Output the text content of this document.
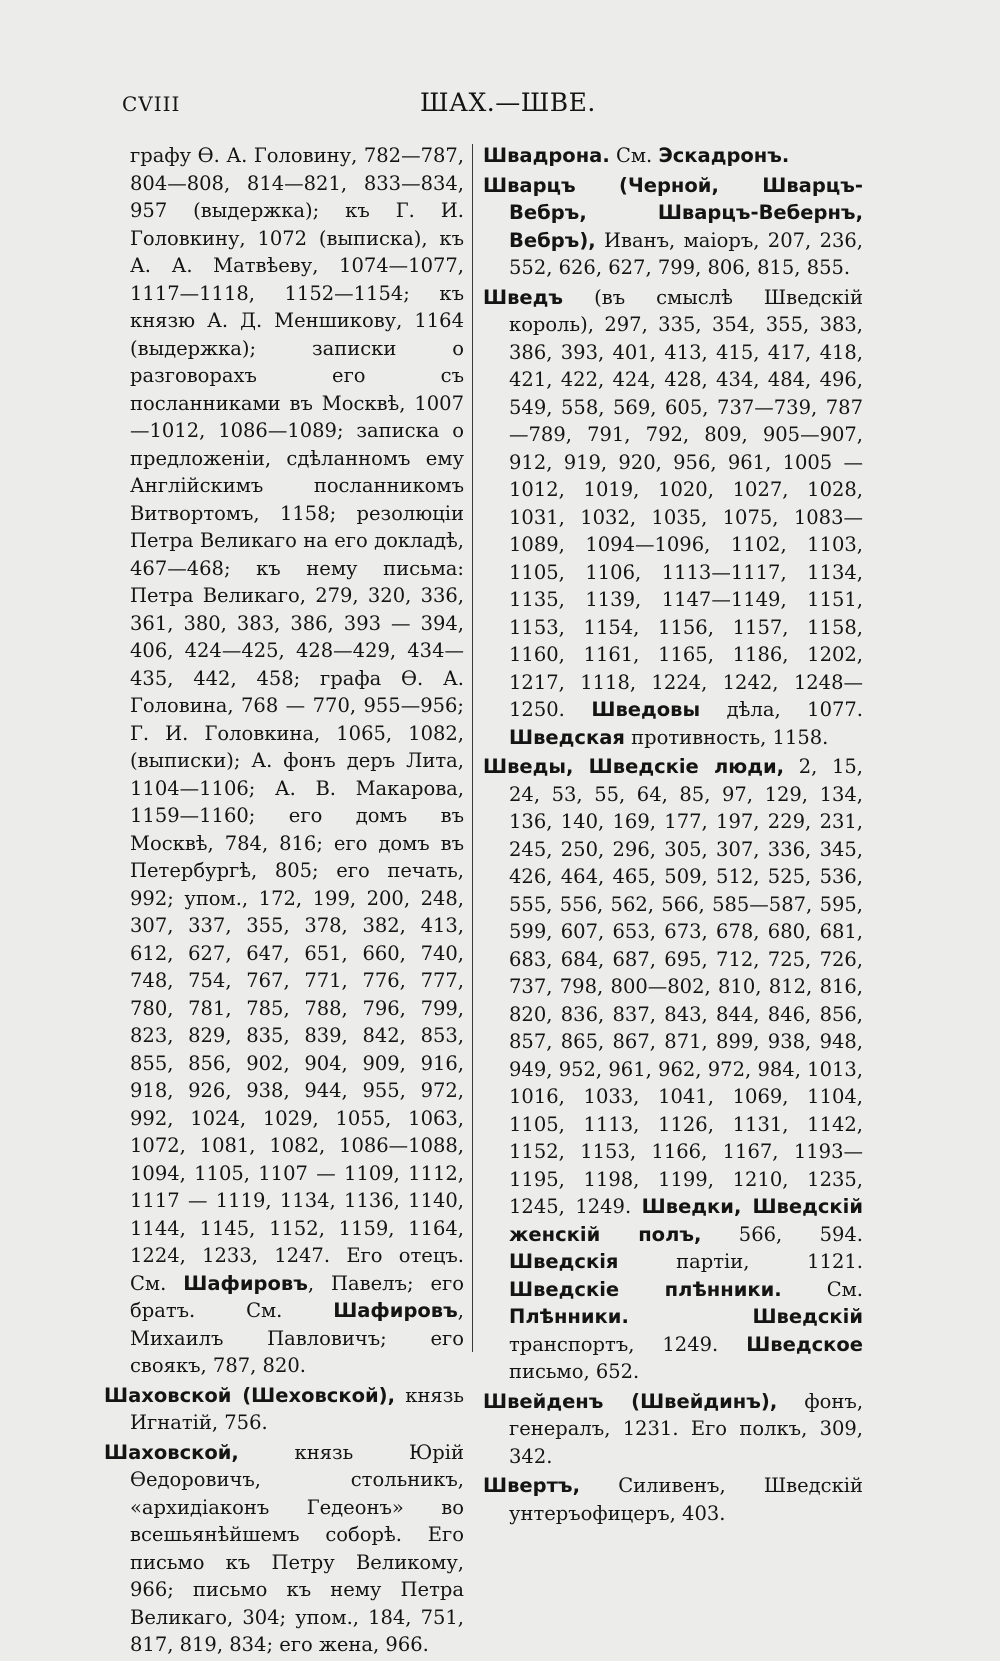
CVIII	ШАХ.—ШВЕ.

графу Ѳ. А. Головину, 782—787, 804—808, 814—821, 833—834, 957 (выдержка); къ Г. И. Головкину, 1072 (выписка), къ А. А. Матвѣеву, 1074—1077, 1117—1118, 1152—1154; къ князю А. Д. Меншикову, 1164 (выдержка); записки о разговорахъ его съ посланниками въ Москвѣ, 1007—1012, 1086—1089; записка о предложеніи, сдѣланномъ ему Англійскимъ посланникомъ Витвортомъ, 1158; резолюціи Петра Великаго на его докладѣ, 467—468; къ нему письма: Петра Великаго, 279, 320, 336, 361, 380, 383, 386, 393 — 394, 406, 424—425, 428—429, 434—435, 442, 458; графа Ѳ. А. Головина, 768 — 770, 955—956; Г. И. Головкина, 1065, 1082, (выписки); А. фонъ деръ Лита, 1104—1106; А. В. Макарова, 1159—1160; его домъ въ Москвѣ, 784, 816; его домъ въ Петербургѣ, 805; его печать, 992; упом., 172, 199, 200, 248, 307, 337, 355, 378, 382, 413, 612, 627, 647, 651, 660, 740, 748, 754, 767, 771, 776, 777, 780, 781, 785, 788, 796, 799, 823, 829, 835, 839, 842, 853, 855, 856, 902, 904, 909, 916, 918, 926, 938, 944, 955, 972, 992, 1024, 1029, 1055, 1063, 1072, 1081, 1082, 1086—1088, 1094, 1105, 1107 — 1109, 1112, 1117 — 1119, 1134, 1136, 1140, 1144, 1145, 1152, 1159, 1164, 1224, 1233, 1247. Его отецъ. См. Шафировъ, Павелъ; его братъ. См.	Шафировъ, Михаилъ Павловичъ; его своякъ, 787, 820.

Шаховской (Шеховской), князь Игнатій, 756.

Шаховской,	князь Юрій Ѳедоровичъ, стольникъ, «архидіаконъ Гедеонъ» во всешьянѣйшемъ соборѣ. Его письмо къ Петру Великому, 966; письмо къ нему Петра Великаго, 304; упом., 184, 751, 817, 819, 834; его жена, 966.

Швадрона. См. Эскадронъ.

Шварцъ (Черной, Шварцъ-Вебръ, Шварцъ-Вебернъ, Вебръ), Иванъ, маіоръ, 207, 236, 552, 626, 627, 799, 806, 815, 855.

Шведъ (въ смыслѣ Шведскій король), 297, 335, 354, 355, 383, 386, 393, 401, 413, 415, 417, 418, 421, 422, 424, 428, 434, 484, 496, 549, 558, 569, 605, 737—739, 787—789, 791, 792, 809, 905—907, 912, 919, 920, 956, 961, 1005 — 1012, 1019, 1020, 1027, 1028, 1031, 1032, 1035, 1075, 1083—1089, 1094—1096, 1102, 1103, 1105, 1106, 1113—1117, 1134, 1135, 1139, 1147—1149, 1151, 1153, 1154, 1156, 1157, 1158, 1160, 1161, 1165, 1186, 1202, 1217, 1118, 1224, 1242, 1248—1250. Шведовы дѣла, 1077. Шведская противность, 1158.

Шведы, Шведскіе люди, 2, 15, 24, 53, 55, 64, 85, 97, 129, 134, 136, 140, 169, 177, 197, 229, 231, 245, 250, 296, 305, 307, 336, 345, 426, 464, 465, 509, 512, 525, 536, 555, 556, 562, 566, 585—587, 595, 599, 607, 653, 673, 678, 680, 681, 683, 684, 687, 695, 712, 725, 726, 737, 798, 800—802, 810, 812, 816, 820, 836, 837, 843, 844, 846, 856, 857, 865, 867, 871, 899, 938, 948, 949, 952, 961, 962, 972, 984, 1013, 1016, 1033, 1041, 1069, 1104, 1105, 1113, 1126, 1131, 1142, 1152, 1153, 1166, 1167, 1193—1195, 1198, 1199, 1210, 1235, 1245, 1249. Шведки, Шведскій женскій полъ, 566, 594. Шведскія	партіи, 1121. Шведскіе плѣнники. См. Плѣнники.	Шведскій транспортъ, 1249. Шведское письмо, 652.

Швейденъ (Швейдинъ), фонъ, генералъ, 1231. Его полкъ, 309, 342.

Швертъ, Силивенъ, Шведскій унтеръофицеръ, 403.
